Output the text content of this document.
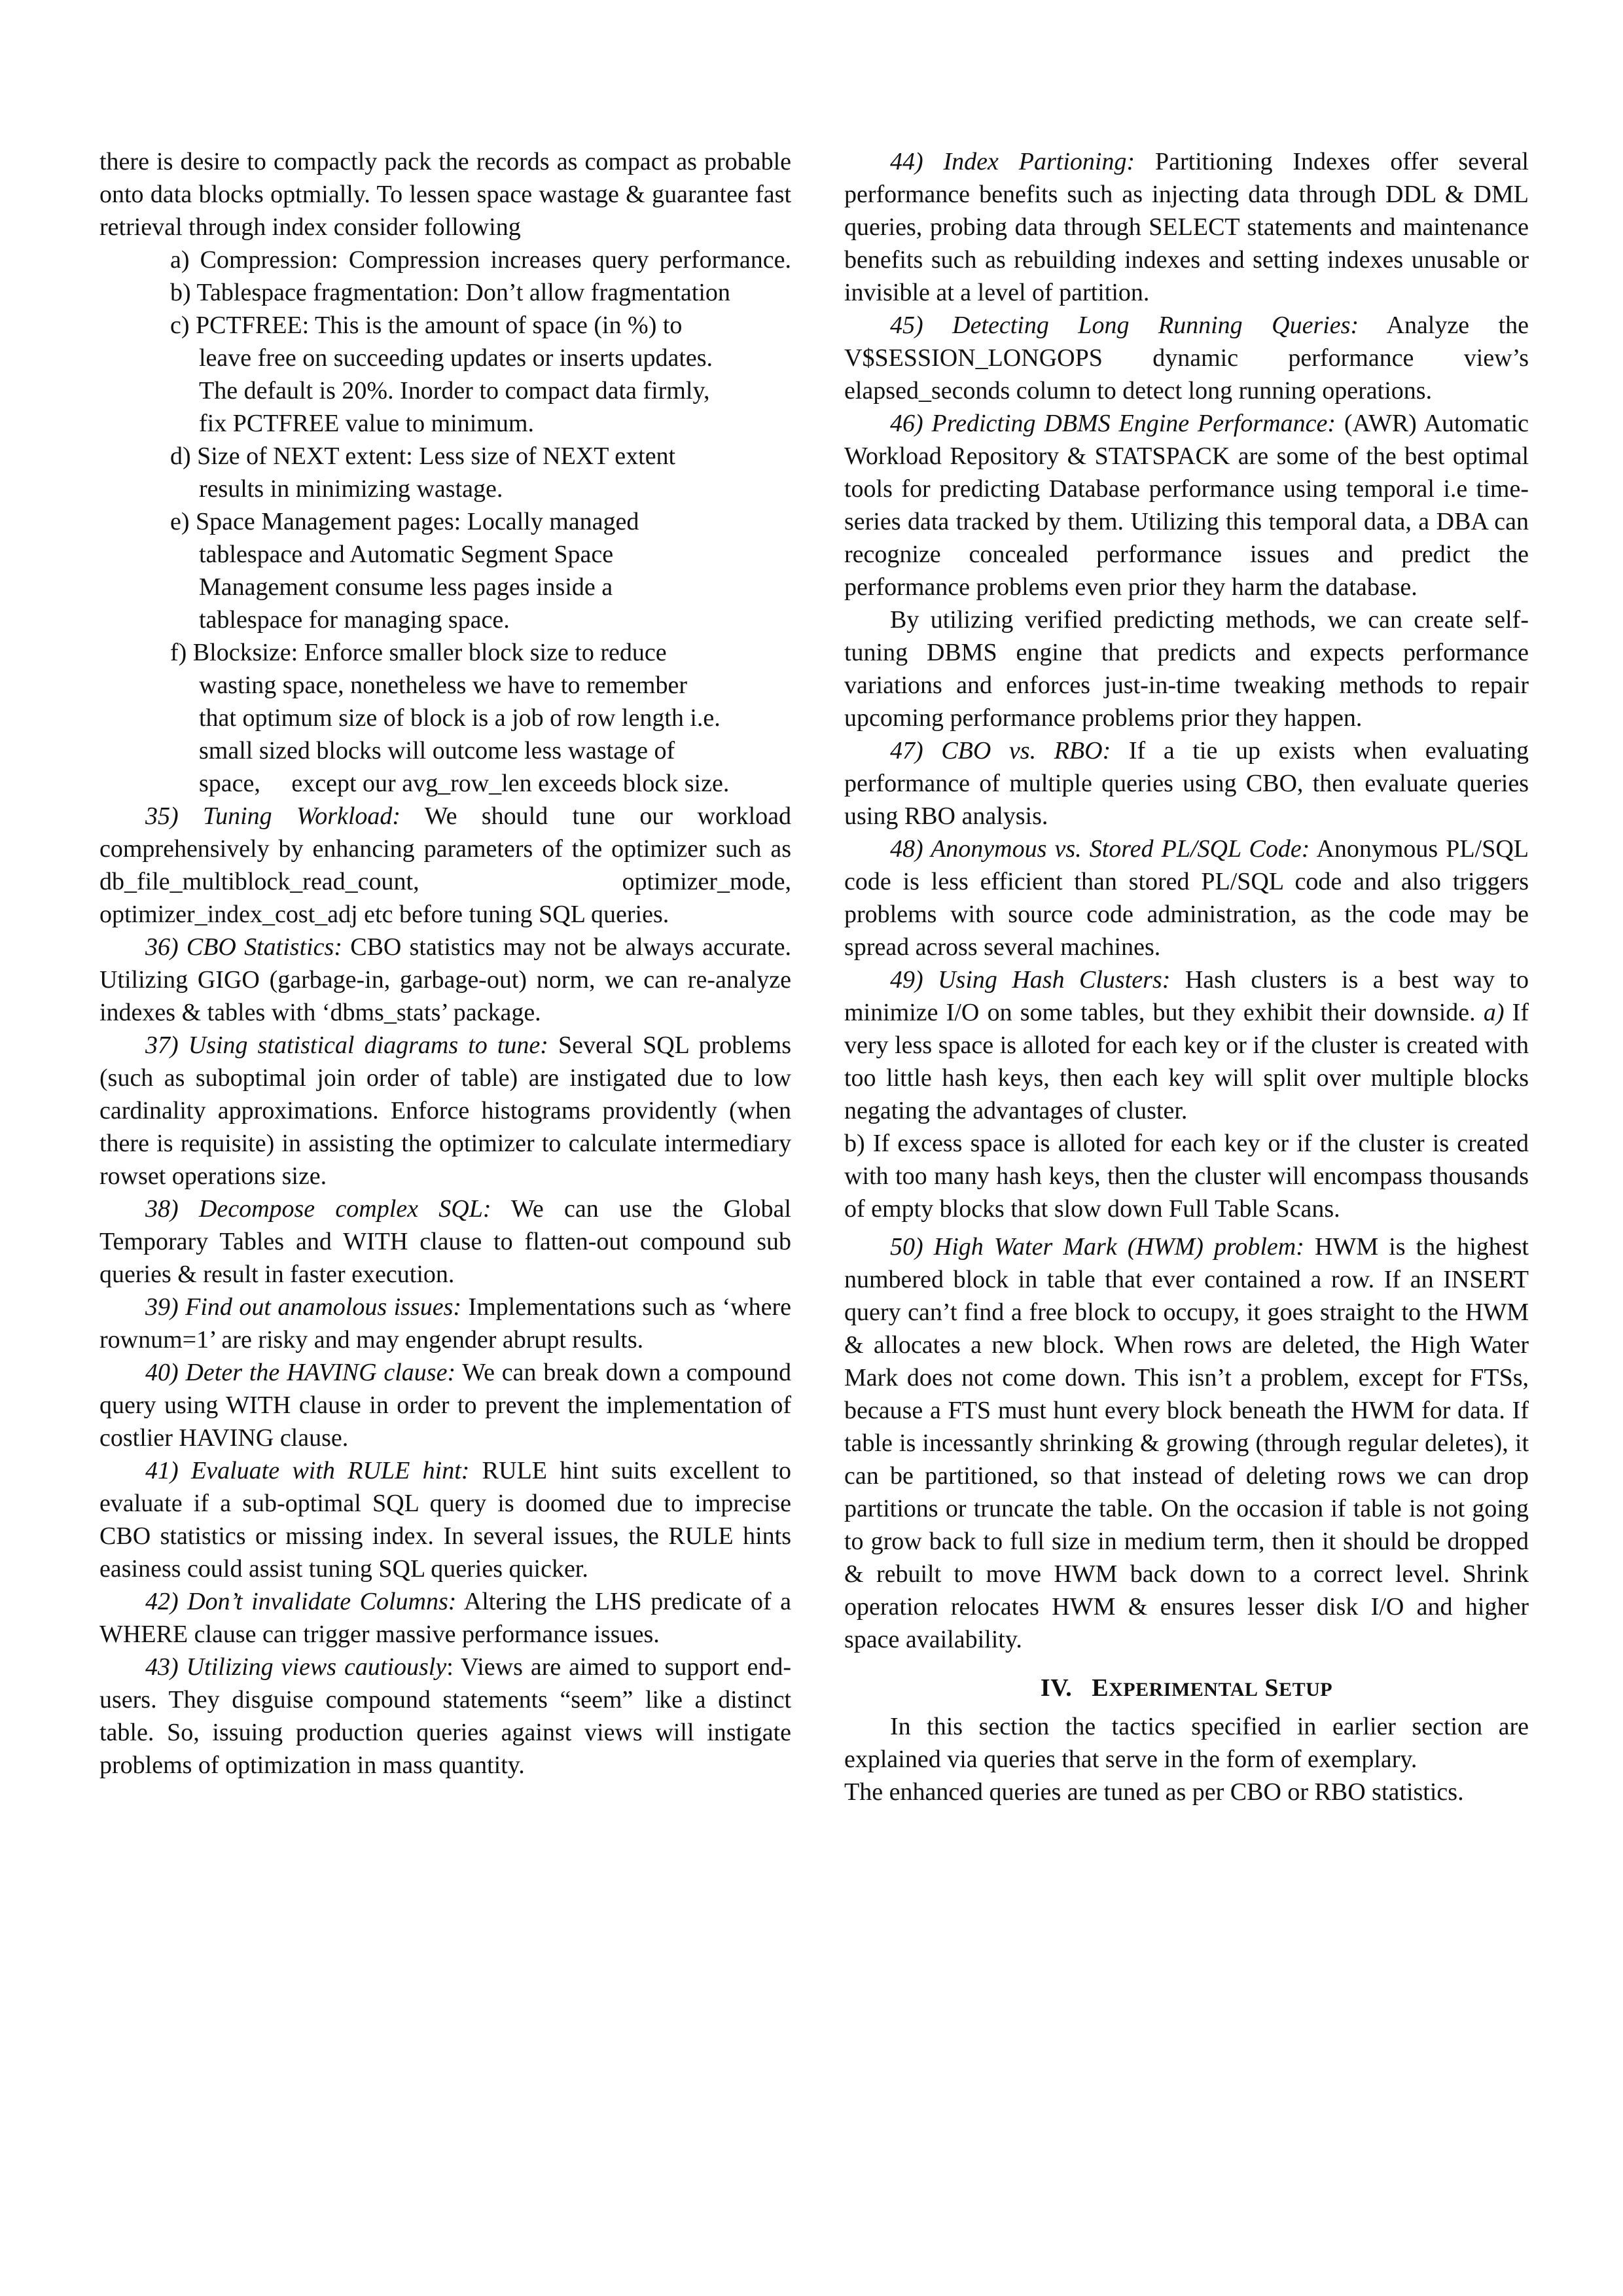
there is desire to compactly pack the records as compact as probable onto data blocks optmially. To lessen space wastage & guarantee fast retrieval through index consider following

a) Compression: Compression increases query performance.

b) Tablespace fragmentation: Don’t allow fragmentation

c) PCTFREE: This is the amount of space (in %) to
leave free on succeeding updates or inserts updates.
The default is 20%. Inorder to compact data firmly,
fix PCTFREE value to minimum.
d) Size of NEXT extent: Less size of NEXT extent
results in minimizing wastage.
e) Space Management pages: Locally managed
tablespace and Automatic Segment Space
Management consume less pages inside a
tablespace for managing space.
f) Blocksize: Enforce smaller block size to reduce
wasting space, nonetheless we have to remember
that optimum size of block is a job of row length i.e.
small sized blocks will outcome less wastage of
space,     except our avg_row_len exceeds block size.

35) Tuning Workload: We should tune our workload comprehensively by enhancing parameters of the optimizer such as db_file_multiblock_read_count, optimizer_mode, optimizer_index_cost_adj etc before tuning SQL queries.

36) CBO Statistics: CBO statistics may not be always accurate. Utilizing GIGO (garbage-in, garbage-out) norm, we can re-analyze indexes & tables with ‘dbms_stats’ package.

37) Using statistical diagrams to tune: Several SQL problems (such as suboptimal join order of table) are instigated due to low cardinality approximations. Enforce histograms providently (when there is requisite) in assisting the optimizer to calculate intermediary rowset operations size.

38) Decompose complex SQL: We can use the Global Temporary Tables and WITH clause to flatten-out compound sub queries & result in faster execution.

39) Find out anamolous issues: Implementations such as ‘where rownum=1’ are risky and may engender abrupt results.

40) Deter the HAVING clause: We can break down a compound query using WITH clause in order to prevent the implementation of costlier HAVING clause.

41) Evaluate with RULE hint: RULE hint suits excellent to evaluate if a sub-optimal SQL query is doomed due to imprecise CBO statistics or missing index. In several issues, the RULE hints easiness could assist tuning SQL queries quicker.

42) Don’t invalidate Columns: Altering the LHS predicate of a WHERE clause can trigger massive performance issues.

43) Utilizing views cautiously: Views are aimed to support end-users. They disguise compound statements “seem” like a distinct table. So, issuing production queries against views will instigate problems of optimization in mass quantity.

44) Index Partioning: Partitioning Indexes offer several performance benefits such as injecting data through DDL & DML queries, probing data through SELECT statements and maintenance benefits such as rebuilding indexes and setting indexes unusable or invisible at a level of partition.

45) Detecting Long Running Queries: Analyze the V$SESSION_LONGOPS dynamic performance view’s elapsed_seconds column to detect long running operations.

46) Predicting DBMS Engine Performance: (AWR) Automatic Workload Repository & STATSPACK are some of the best optimal tools for predicting Database performance using temporal i.e time-series data tracked by them. Utilizing this temporal data, a DBA can recognize concealed performance issues and predict the performance problems even prior they harm the database.

By utilizing verified predicting methods, we can create self-tuning DBMS engine that predicts and expects performance variations and enforces just-in-time tweaking methods to repair upcoming performance problems prior they happen.

47) CBO vs. RBO: If a tie up exists when evaluating performance of multiple queries using CBO, then evaluate queries using RBO analysis.

48) Anonymous vs. Stored PL/SQL Code: Anonymous PL/SQL code is less efficient than stored PL/SQL code and also triggers problems with source code administration, as the code may be spread across several machines.

49) Using Hash Clusters: Hash clusters is a best way to minimize I/O on some tables, but they exhibit their downside. a) If very less space is alloted for each key or if the cluster is created with too little hash keys, then each key will split over multiple blocks negating the advantages of cluster.

b) If excess space is alloted for each key or if the cluster is created with too many hash keys, then the cluster will encompass thousands of empty blocks that slow down Full Table Scans.

50) High Water Mark (HWM) problem: HWM is the highest numbered block in table that ever contained a row. If an INSERT query can’t find a free block to occupy, it goes straight to the HWM & allocates a new block. When rows are deleted, the High Water Mark does not come down. This isn’t a problem, except for FTSs, because a FTS must hunt every block beneath the HWM for data. If table is incessantly shrinking & growing (through regular deletes), it can be partitioned, so that instead of deleting rows we can drop partitions or truncate the table. On the occasion if table is not going to grow back to full size in medium term, then it should be dropped & rebuilt to move HWM back down to a correct level. Shrink operation relocates HWM & ensures lesser disk I/O and higher space availability.

IV. EXPERIMENTAL SETUP

In this section the tactics specified in earlier section are explained via queries that serve in the form of exemplary.

The enhanced queries are tuned as per CBO or RBO statistics.
